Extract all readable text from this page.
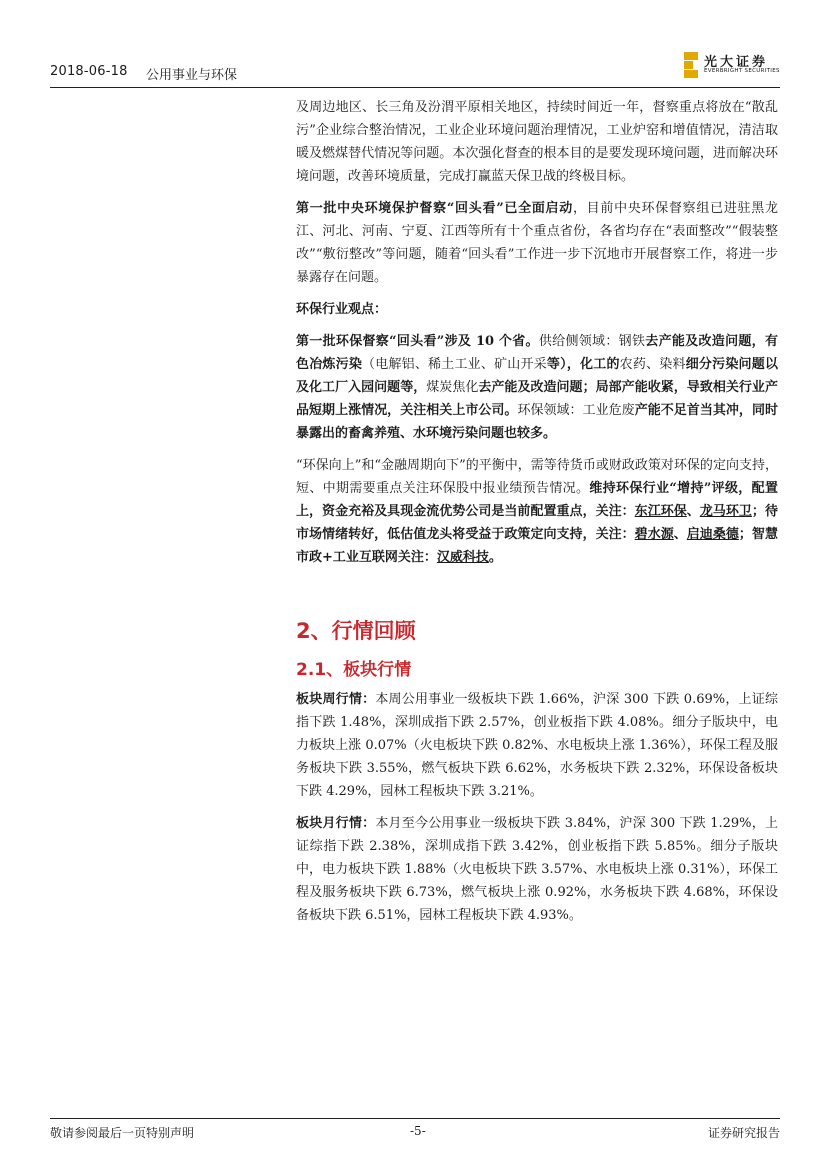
2018-06-18 公用事业与环保
光大证券
EVERBRIGHT SECURITIES

及周边地区、长三角及汾渭平原相关地区，持续时间近一年，督察重点将放在“散乱污”企业综合整治情况，工业企业环境问题治理情况，工业炉窑和增值情况，清洁取暖及燃煤替代情况等问题。本次强化督查的根本目的是要发现环境问题，进而解决环境问题，改善环境质量，完成打赢蓝天保卫战的终极目标。

第一批中央环境保护督察“回头看”已全面启动，目前中央环保督察组已进驻黑龙江、河北、河南、宁夏、江西等所有十个重点省份，各省均存在“表面整改”“假装整改”“敷衍整改”等问题，随着“回头看”工作进一步下沉地市开展督察工作，将进一步暴露存在问题。

环保行业观点：

第一批环保督察“回头看”涉及 10 个省。供给侧领域：钢铁去产能及改造问题，有色冶炼污染（电解铝、稀土工业、矿山开采等），化工的农药、染料细分污染问题以及化工厂入园问题等，煤炭焦化去产能及改造问题；局部产能收紧，导致相关行业产品短期上涨情况，关注相关上市公司。环保领域：工业危废产能不足首当其冲，同时暴露出的畜禽养殖、水环境污染问题也较多。

“环保向上”和“金融周期向下”的平衡中，需等待货币或财政政策对环保的定向支持，短、中期需要重点关注环保股中报业绩预告情况。维持环保行业“增持”评级，配置上，资金充裕及具现金流优势公司是当前配置重点，关注：东江环保、龙马环卫；待市场情绪转好，低估值龙头将受益于政策定向支持，关注：碧水源、启迪桑德；智慧市政+工业互联网关注：汉威科技。

2、行情回顾
2.1、板块行情

板块周行情：本周公用事业一级板块下跌 1.66%，沪深 300 下跌 0.69%，上证综指下跌 1.48%，深圳成指下跌 2.57%，创业板指下跌 4.08%。细分子版块中，电力板块上涨 0.07%（火电板块下跌 0.82%、水电板块上涨 1.36%），环保工程及服务板块下跌 3.55%，燃气板块下跌 6.62%，水务板块下跌 2.32%，环保设备板块下跌 4.29%，园林工程板块下跌 3.21%。

板块月行情：本月至今公用事业一级板块下跌 3.84%，沪深 300 下跌 1.29%，上证综指下跌 2.38%，深圳成指下跌 3.42%，创业板指下跌 5.85%。细分子版块中，电力板块下跌 1.88%（火电板块下跌 3.57%、水电板块上涨 0.31%），环保工程及服务板块下跌 6.73%，燃气板块上涨 0.92%，水务板块下跌 4.68%，环保设备板块下跌 6.51%，园林工程板块下跌 4.93%。

敬请参阅最后一页特别声明	-5-	证券研究报告
